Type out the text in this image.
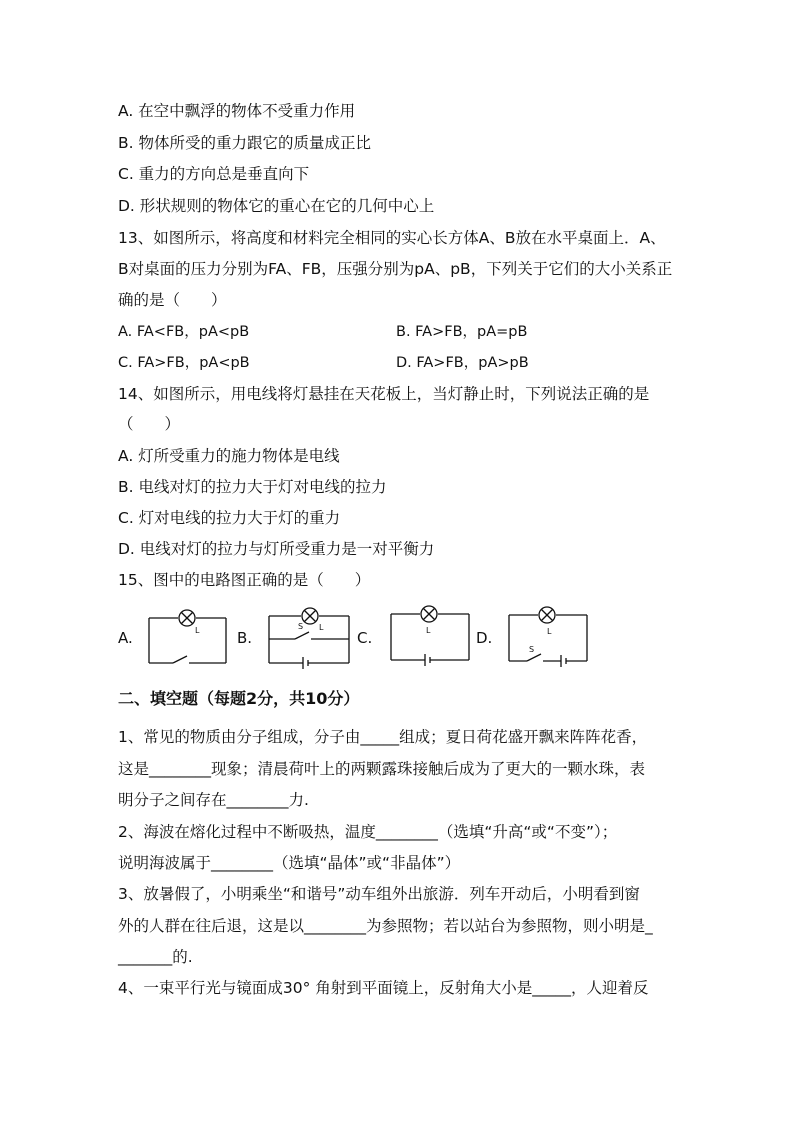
A. 在空中飘浮的物体不受重力作用
B. 物体所受的重力跟它的质量成正比
C. 重力的方向总是垂直向下
D. 形状规则的物体它的重心在它的几何中心上
13、如图所示，将高度和材料完全相同的实心长方体A、B放在水平桌面上．A、
B对桌面的压力分别为FA、FB，压强分别为pA、pB，下列关于它们的大小关系正
确的是（　　）
A. FA<FB，pA<pB	B. FA>FB，pA=pB
C. FA>FB，pA<pB	D. FA>FB，pA>pB
14、如图所示，用电线将灯悬挂在天花板上，当灯静止时，下列说法正确的是
（　　）
A. 灯所受重力的施力物体是电线
B. 电线对灯的拉力大于灯对电线的拉力
C. 灯对电线的拉力大于灯的重力
D. 电线对灯的拉力与灯所受重力是一对平衡力
15、图中的电路图正确的是（　　）
A.	L	B.
L
S
C.	L	D.	L
S
二、填空题（每题2分，共10分）
1、常见的物质由分子组成，分子由_____组成；夏日荷花盛开飘来阵阵花香，
这是________现象；清晨荷叶上的两颗露珠接触后成为了更大的一颗水珠，表
明分子之间存在________力.
2、海波在熔化过程中不断吸热，温度________（选填“升高“或“不变”）；
说明海波属于________（选填“晶体”或“非晶体”）
3、放暑假了，小明乘坐“和谐号”动车组外出旅游．列车开动后，小明看到窗
外的人群在往后退，这是以________为参照物；若以站台为参照物，则小明是_
_______的.
4、一束平行光与镜面成30° 角射到平面镜上，反射角大小是_____，人迎着反
